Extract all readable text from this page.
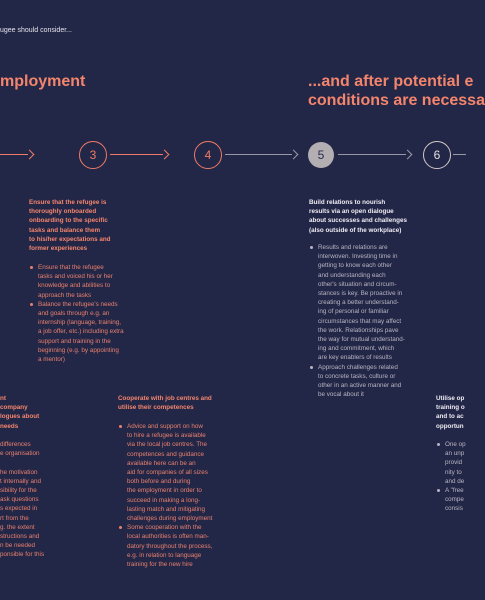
ugee should consider...
mployment	...and after potential e
conditions are necessa
3	4	5	6
Ensure that the refugee is
thoroughly onboarded
onboarding to the specific
tasks and balance them
to his/her expectations and
former experiences
Ensure that the refugee
tasks and voiced his or her
knowledge and abilities to
approach the tasks
Balance the refugee's needs
and goals through e.g. an
internship (language, training,
a job offer, etc.) including extra
support and training in the
beginning (e.g. by appointing
a mentor)
Build relations to nourish
results via an open dialogue
about successes and challenges
(also outside of the workplace)
Results and relations are
interwoven. Investing time in
getting to know each other
and understanding each
other's situation and circum-
stances is key. Be proactive in
creating a better understand-
ing of personal or familiar
circumstances that may affect
the work. Relationships pave
the way for mutual understand-
ing and commitment, which
are key enablers of results
Approach challenges related
to concrete tasks, culture or
other in an active manner and
be vocal about it
nt
company
logues about
needs
differences
e organisation
he motivation
t internally and
sibility for the
ask questions
s expected in
rt from the
g. the extent
structions and
n be needed
ponsible for this
Cooperate with job centres and
utilise their competences
Advice and support on how
to hire a refugee is available
via the local job centres. The
competences and guidance
available here can be an
aid for companies of all sizes
both before and during
the employment in order to
succeed in making a long-
lasting match and mitigating
challenges during employment
Some cooperation with the
local authorities is often man-
datory throughout the process,
e.g. in relation to language
training for the new hire
Utilise op
training o
and to ac
opportun
One op
an unp
provid
nity to
and de
A "free
compe
consis
